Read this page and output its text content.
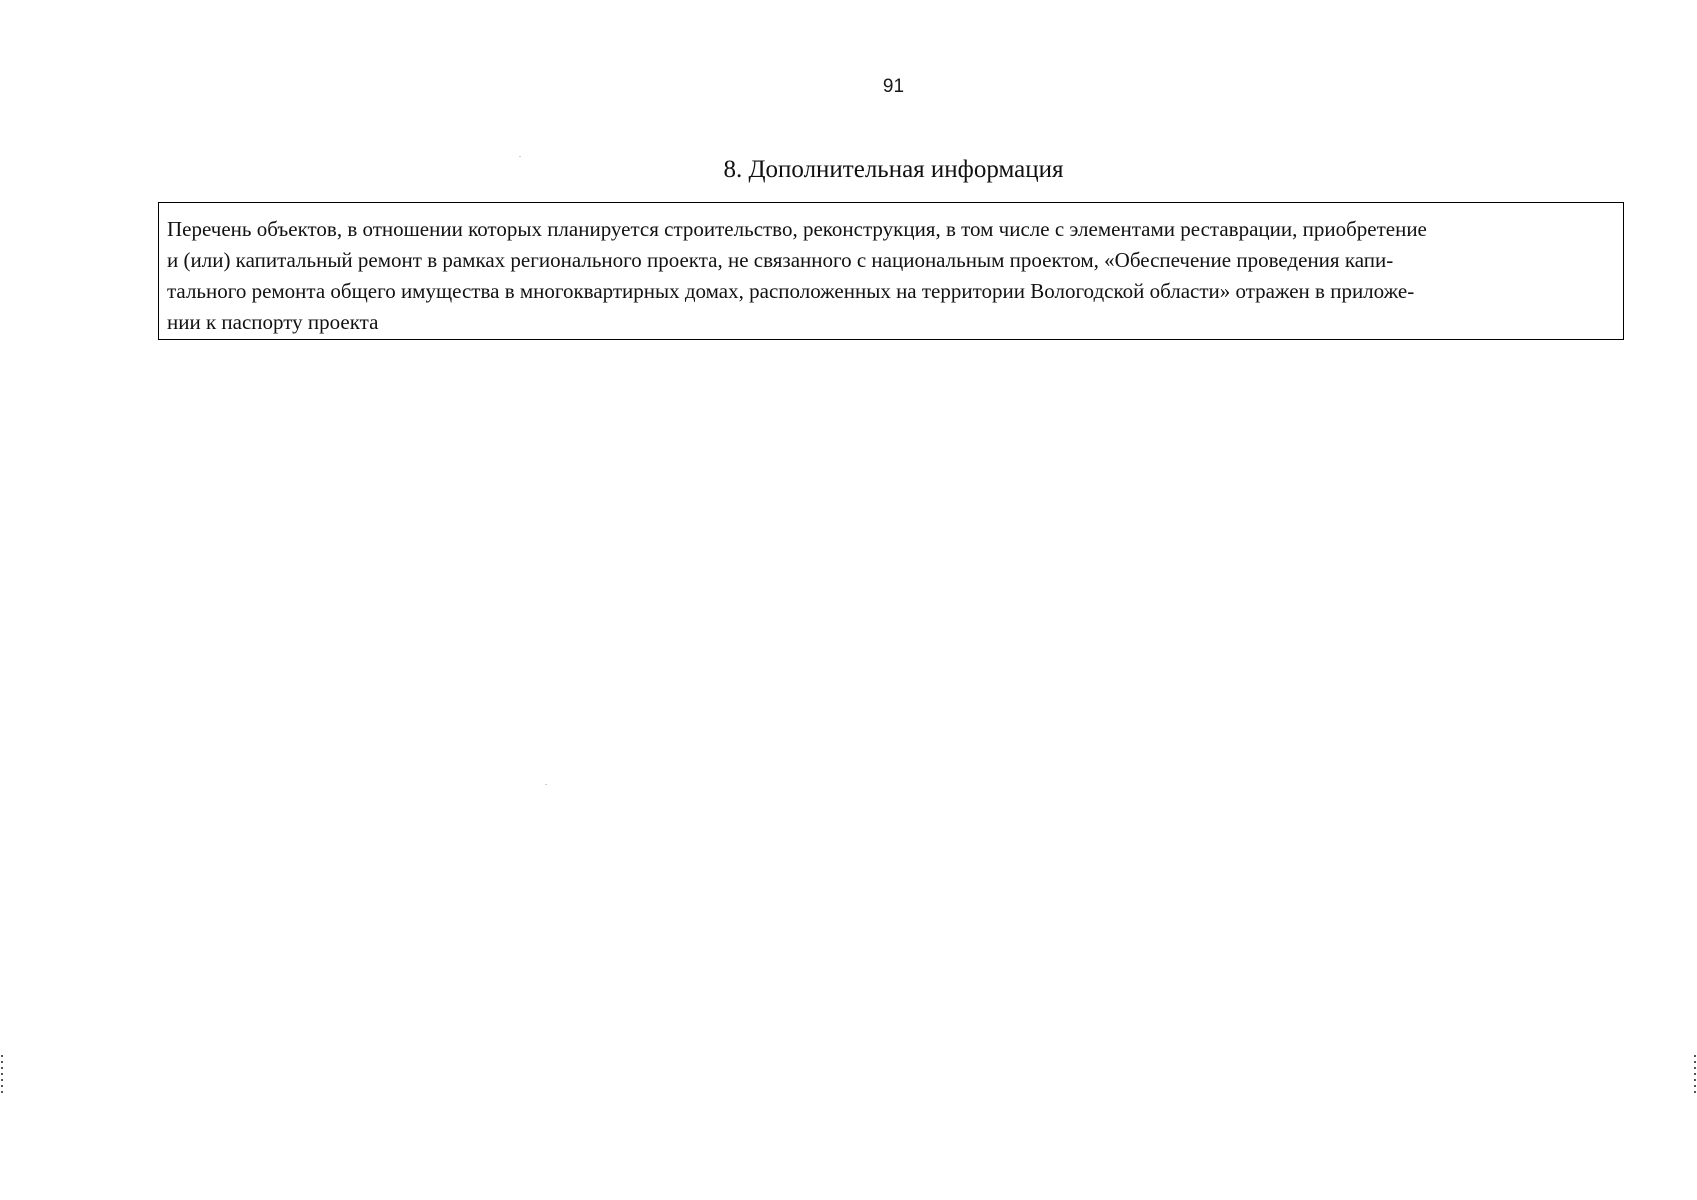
91
8. Дополнительная информация

Перечень объектов, в отношении которых планируется строительство, реконструкция, в том числе с элементами реставрации, приобретение
и (или) капитальный ремонт в рамках регионального проекта, не связанного с национальным проектом, «Обеспечение проведения капи-
тального ремонта общего имущества в многоквартирных домах, расположенных на территории Вологодской области» отражен в приложе-
нии к паспорту проекта
